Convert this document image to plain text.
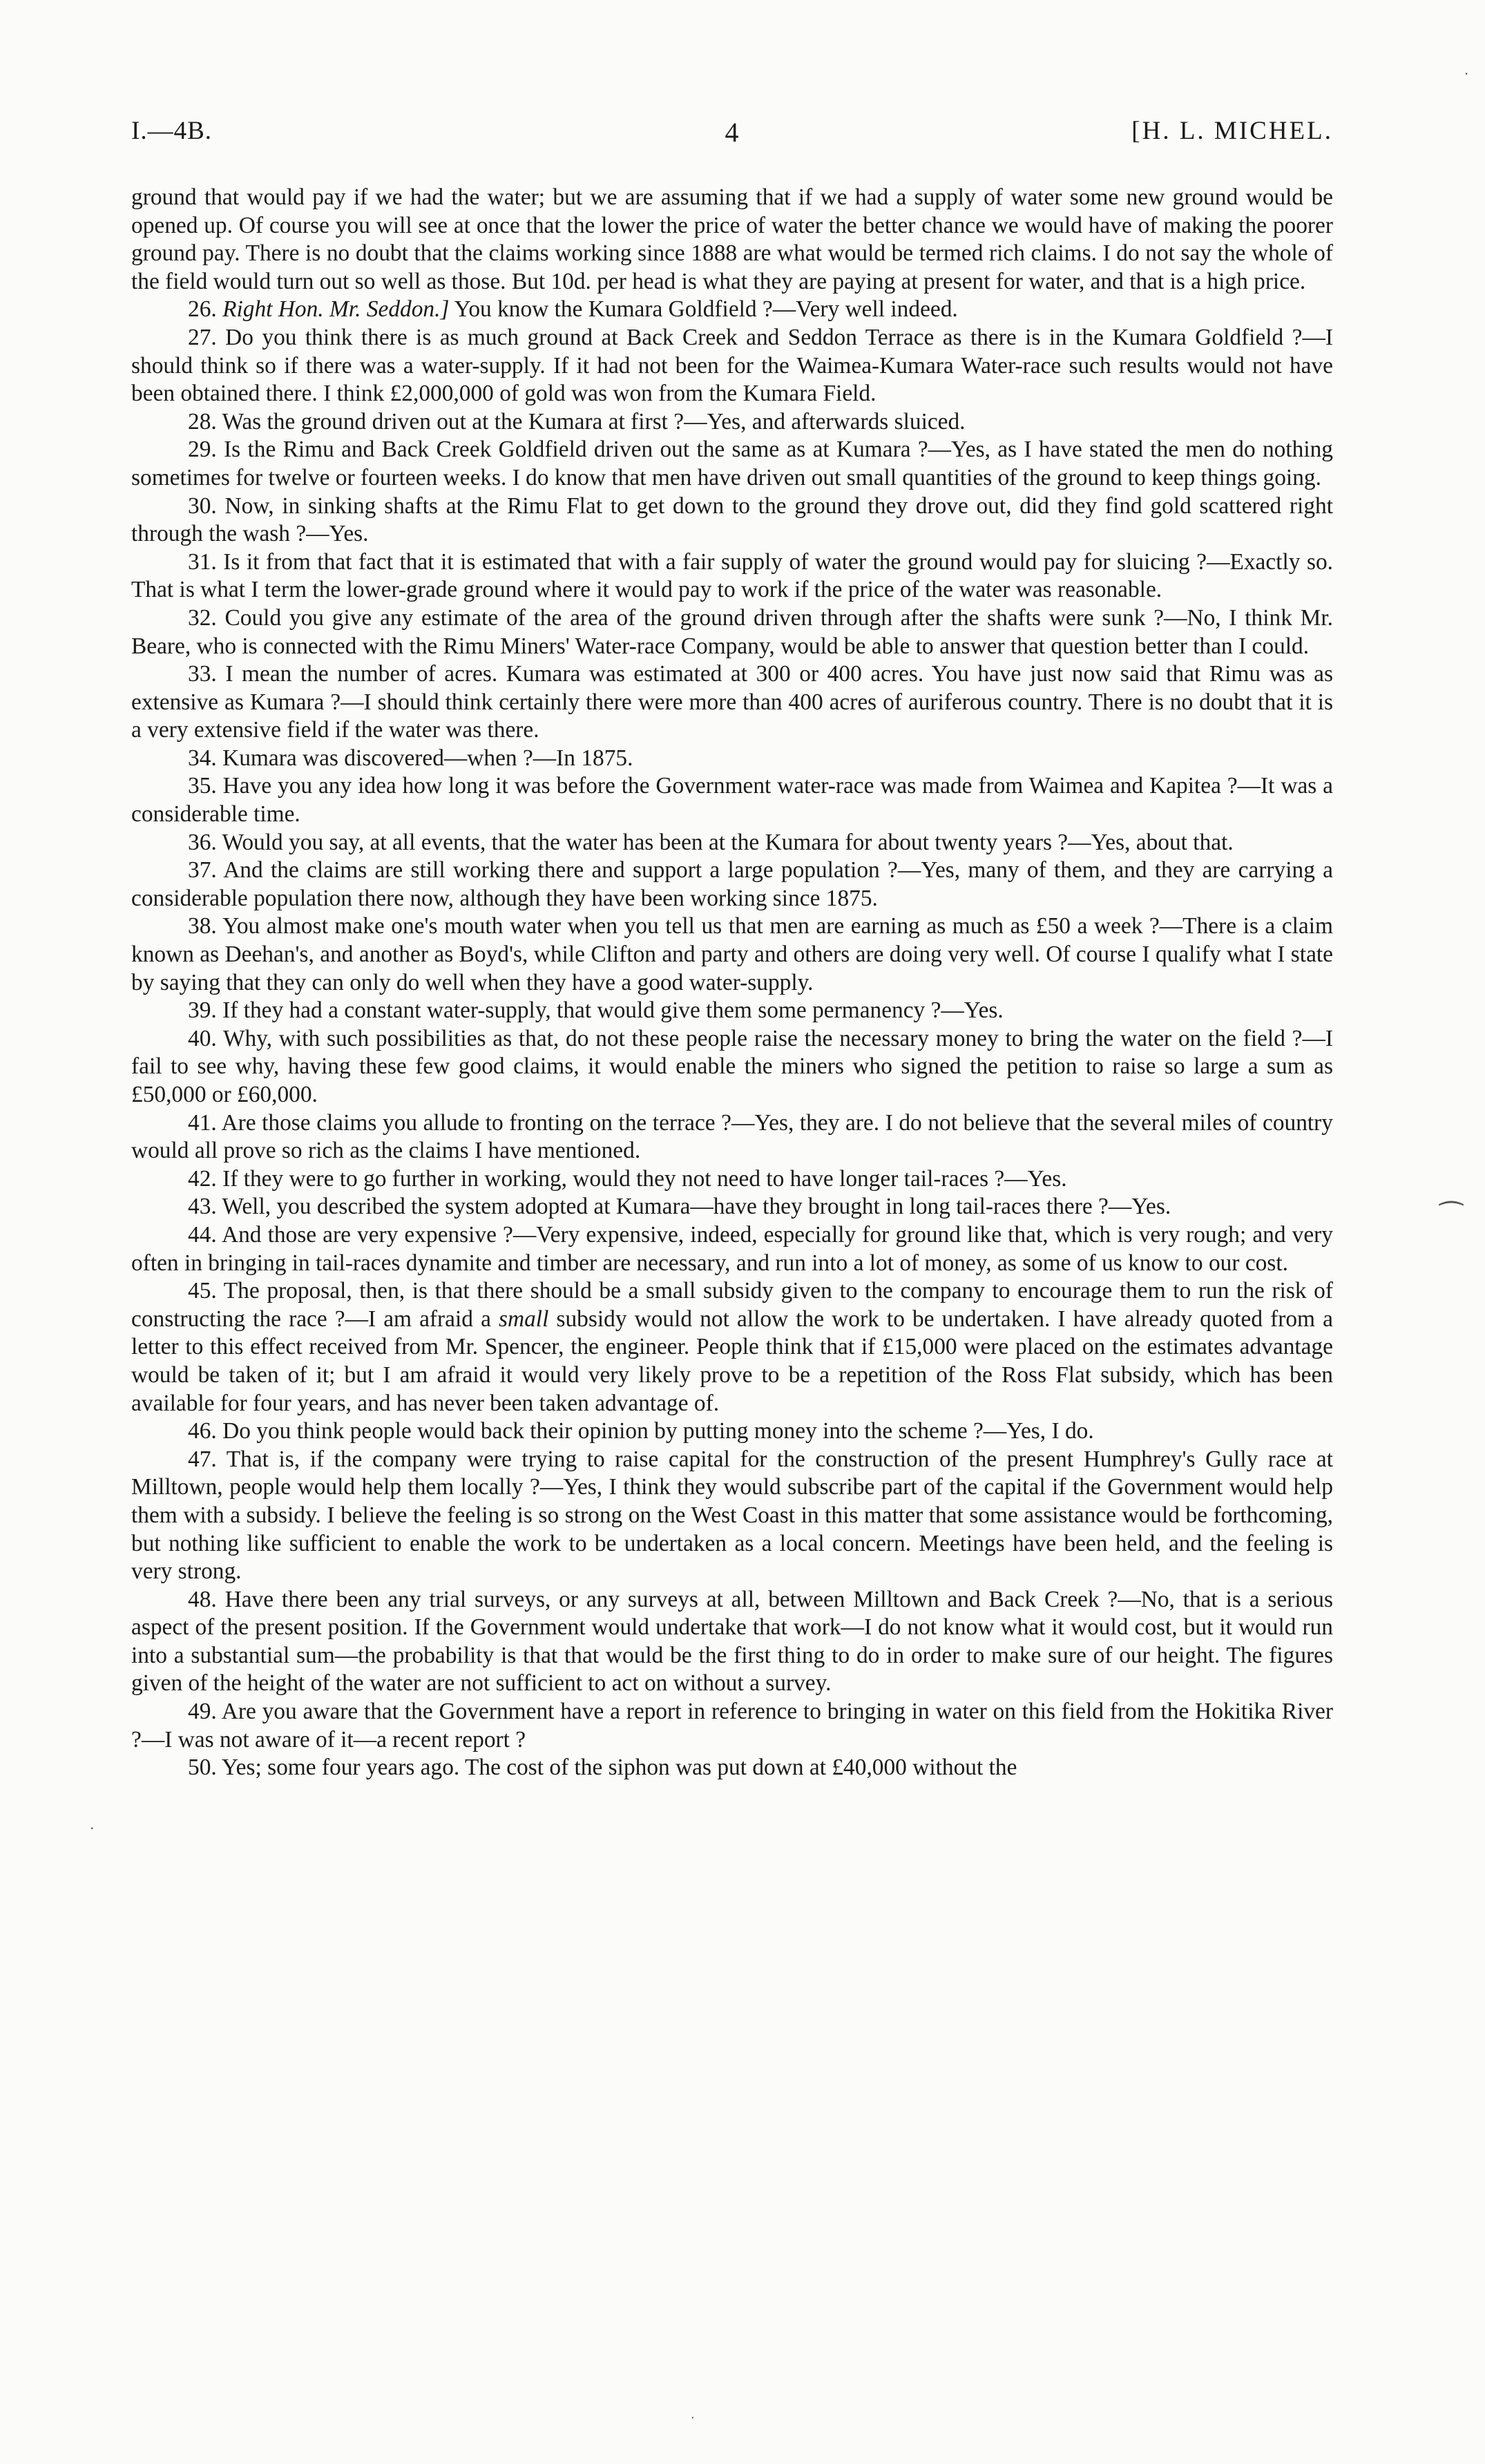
I.—4B.	4	[H. L. MICHEL.

ground that would pay if we had the water; but we are assuming that if we had a supply of water some new ground would be opened up. Of course you will see at once that the lower the price of water the better chance we would have of making the poorer ground pay. There is no doubt that the claims working since 1888 are what would be termed rich claims. I do not say the whole of the field would turn out so well as those. But 10d. per head is what they are paying at present for water, and that is a high price.

26. Right Hon. Mr. Seddon.] You know the Kumara Goldfield ?—Very well indeed.

27. Do you think there is as much ground at Back Creek and Seddon Terrace as there is in the Kumara Goldfield ?—I should think so if there was a water-supply. If it had not been for the Waimea-Kumara Water-race such results would not have been obtained there. I think £2,000,000 of gold was won from the Kumara Field.

28. Was the ground driven out at the Kumara at first ?—Yes, and afterwards sluiced.

29. Is the Rimu and Back Creek Goldfield driven out the same as at Kumara ?—Yes, as I have stated the men do nothing sometimes for twelve or fourteen weeks. I do know that men have driven out small quantities of the ground to keep things going.

30. Now, in sinking shafts at the Rimu Flat to get down to the ground they drove out, did they find gold scattered right through the wash ?—Yes.

31. Is it from that fact that it is estimated that with a fair supply of water the ground would pay for sluicing ?—Exactly so. That is what I term the lower-grade ground where it would pay to work if the price of the water was reasonable.

32. Could you give any estimate of the area of the ground driven through after the shafts were sunk ?—No, I think Mr. Beare, who is connected with the Rimu Miners' Water-race Company, would be able to answer that question better than I could.

33. I mean the number of acres. Kumara was estimated at 300 or 400 acres. You have just now said that Rimu was as extensive as Kumara ?—I should think certainly there were more than 400 acres of auriferous country. There is no doubt that it is a very extensive field if the water was there.

34. Kumara was discovered—when ?—In 1875.

35. Have you any idea how long it was before the Government water-race was made from Waimea and Kapitea ?—It was a considerable time.

36. Would you say, at all events, that the water has been at the Kumara for about twenty years ?—Yes, about that.

37. And the claims are still working there and support a large population ?—Yes, many of them, and they are carrying a considerable population there now, although they have been working since 1875.

38. You almost make one's mouth water when you tell us that men are earning as much as £50 a week ?—There is a claim known as Deehan's, and another as Boyd's, while Clifton and party and others are doing very well. Of course I qualify what I state by saying that they can only do well when they have a good water-supply.

39. If they had a constant water-supply, that would give them some permanency ?—Yes.

40. Why, with such possibilities as that, do not these people raise the necessary money to bring the water on the field ?—I fail to see why, having these few good claims, it would enable the miners who signed the petition to raise so large a sum as £50,000 or £60,000.

41. Are those claims you allude to fronting on the terrace ?—Yes, they are. I do not believe that the several miles of country would all prove so rich as the claims I have mentioned.

42. If they were to go further in working, would they not need to have longer tail-races ?—Yes.

43. Well, you described the system adopted at Kumara—have they brought in long tail-races there ?—Yes.

44. And those are very expensive ?—Very expensive, indeed, especially for ground like that, which is very rough; and very often in bringing in tail-races dynamite and timber are necessary, and run into a lot of money, as some of us know to our cost.

45. The proposal, then, is that there should be a small subsidy given to the company to encourage them to run the risk of constructing the race ?—I am afraid a small subsidy would not allow the work to be undertaken. I have already quoted from a letter to this effect received from Mr. Spencer, the engineer. People think that if £15,000 were placed on the estimates advantage would be taken of it; but I am afraid it would very likely prove to be a repetition of the Ross Flat subsidy, which has been available for four years, and has never been taken advantage of.

46. Do you think people would back their opinion by putting money into the scheme ?—Yes, I do.

47. That is, if the company were trying to raise capital for the construction of the present Humphrey's Gully race at Milltown, people would help them locally ?—Yes, I think they would subscribe part of the capital if the Government would help them with a subsidy. I believe the feeling is so strong on the West Coast in this matter that some assistance would be forthcoming, but nothing like sufficient to enable the work to be undertaken as a local concern. Meetings have been held, and the feeling is very strong.

48. Have there been any trial surveys, or any surveys at all, between Milltown and Back Creek ?—No, that is a serious aspect of the present position. If the Government would undertake that work—I do not know what it would cost, but it would run into a substantial sum—the probability is that that would be the first thing to do in order to make sure of our height. The figures given of the height of the water are not sufficient to act on without a survey.

49. Are you aware that the Government have a report in reference to bringing in water on this field from the Hokitika River ?—I was not aware of it—a recent report ?

50. Yes; some four years ago. The cost of the siphon was put down at £40,000 without the

⁀
·
·
·
